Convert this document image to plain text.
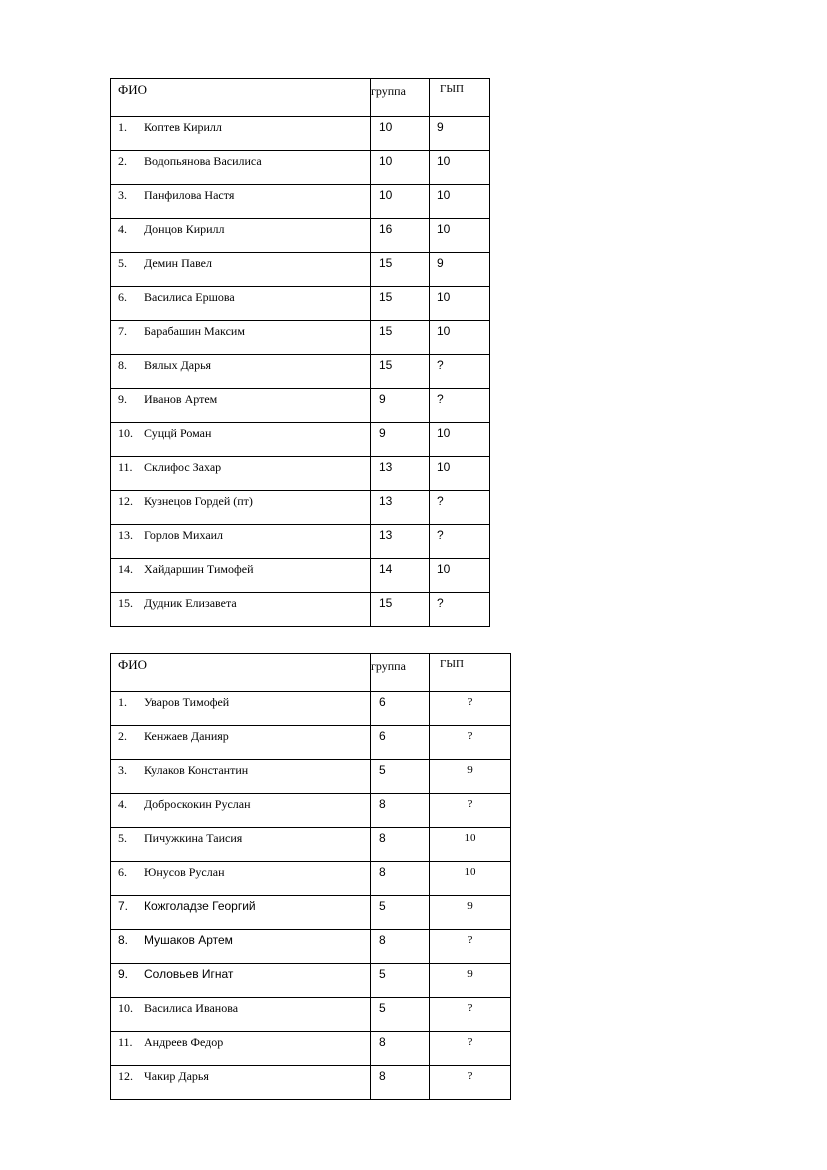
ФИО	группа	ГЫП
1. Коптев Кирилл	10	9
2. Водопьянова Василиса	10	10
3. Панфилова Настя	10	10
4. Донцов Кирилл	16	10
5. Демин Павел	15	9
6. Василиса Ершова	15	10
7. Барабашин Максим	15	10
8. Вялых Дарья	15	?
9. Иванов Артем	9	?
10. Суццй Роман	9	10
11. Склифос Захар	13	10
12. Кузнецов Гордей (пт)	13	?
13. Горлов Михаил	13	?
14. Хайдаршин Тимофей	14	10
15. Дудник Елизавета	15	?
ФИО	группа	ГЫП
1. Уваров Тимофей	6	?
2. Кенжаев Данияр	6	?
3. Кулаков Константин	5	9
4. Доброскокин Руслан	8	?
5. Пичужкина Таисия	8	10
6. Юнусов Руслан	8	10
7. Кожголадзе Георгий	5	9
8. Мушаков Артем	8	?
9. Соловьев Игнат	5	9
10. Василиса Иванова	5	?
11. Андреев Федор	8	?
12. Чакир Дарья	8	?
